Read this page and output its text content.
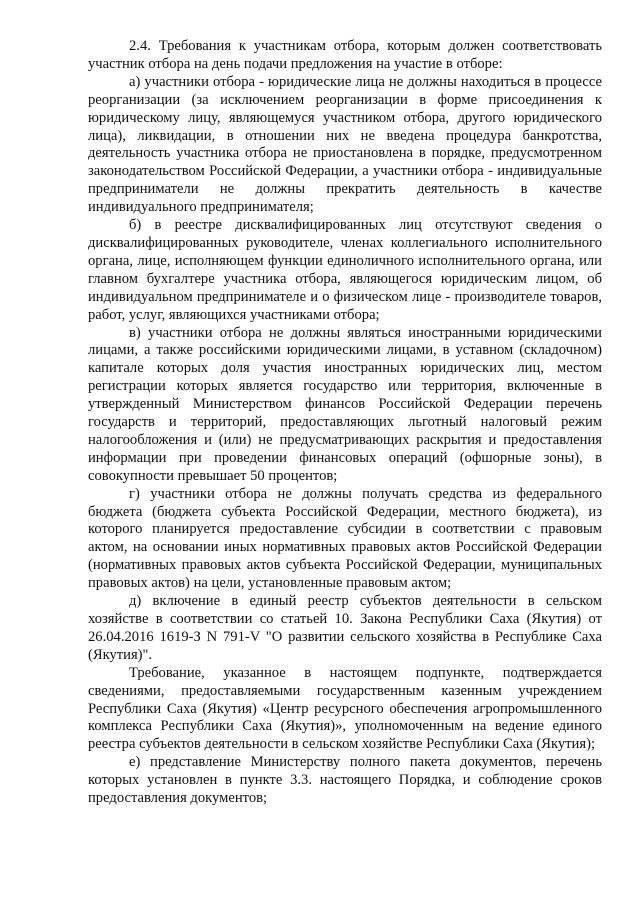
2.4. Требования к участникам отбора, которым должен соответствовать участник отбора на день подачи предложения на участие в отборе:

а) участники отбора - юридические лица не должны находиться в процессе реорганизации (за исключением реорганизации в форме присоединения к юридическому лицу, являющемуся участником отбора, другого юридического лица), ликвидации, в отношении них не введена процедура банкротства, деятельность участника отбора не приостановлена в порядке, предусмотренном законодательством Российской Федерации, а участники отбора - индивидуальные предприниматели не должны прекратить деятельность в качестве индивидуального предпринимателя;

б) в реестре дисквалифицированных лиц отсутствуют сведения о дисквалифицированных руководителе, членах коллегиального исполнительного органа, лице, исполняющем функции единоличного исполнительного органа, или главном бухгалтере участника отбора, являющегося юридическим лицом, об индивидуальном предпринимателе и о физическом лице - производителе товаров, работ, услуг, являющихся участниками отбора;

в) участники отбора не должны являться иностранными юридическими лицами, а также российскими юридическими лицами, в уставном (складочном) капитале которых доля участия иностранных юридических лиц, местом регистрации которых является государство или территория, включенные в утвержденный Министерством финансов Российской Федерации перечень государств и территорий, предоставляющих льготный налоговый режим налогообложения и (или) не предусматривающих раскрытия и предоставления информации при проведении финансовых операций (офшорные зоны), в совокупности превышает 50 процентов;

г) участники отбора не должны получать средства из федерального бюджета (бюджета субъекта Российской Федерации, местного бюджета), из которого планируется предоставление субсидии в соответствии с правовым актом, на основании иных нормативных правовых актов Российской Федерации (нормативных правовых актов субъекта Российской Федерации, муниципальных правовых актов) на цели, установленные правовым актом;

д) включение в единый реестр субъектов деятельности в сельском хозяйстве в соответствии со статьей 10. Закона Республики Саха (Якутия) от 26.04.2016 1619-З N 791-V "О развитии сельского хозяйства в Республике Саха (Якутия)".

Требование, указанное в настоящем подпункте, подтверждается сведениями, предоставляемыми государственным казенным учреждением Республики Саха (Якутия) «Центр ресурсного обеспечения агропромышленного комплекса Республики Саха (Якутия)», уполномоченным на ведение единого реестра субъектов деятельности в сельском хозяйстве Республики Саха (Якутия);

е) представление Министерству полного пакета документов, перечень которых установлен в пункте 3.3. настоящего Порядка, и соблюдение сроков предоставления документов;
